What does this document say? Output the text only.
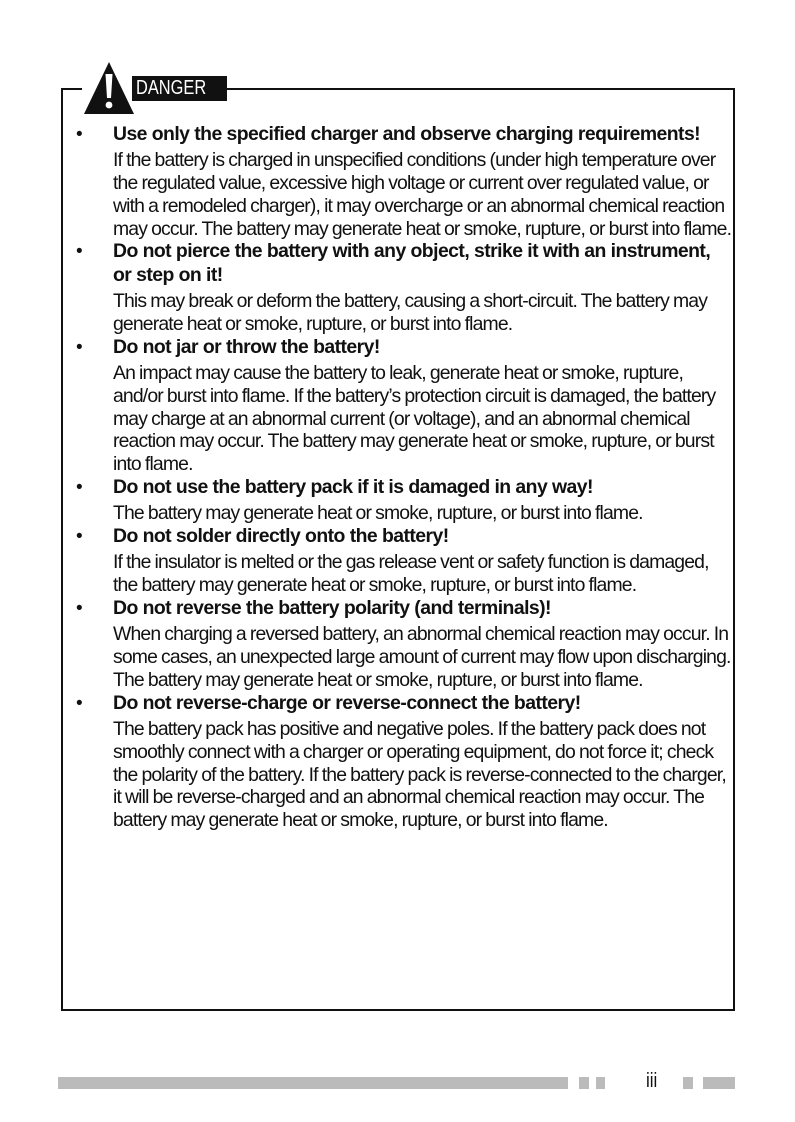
DANGER
• Use only the specified charger and observe charging requirements!

If the battery is charged in unspecified conditions (under high temperature over the regulated value, excessive high voltage or current over regulated value, or with a remodeled charger), it may overcharge or an abnormal chemical reaction may occur. The battery may generate heat or smoke, rupture, or burst into flame.

• Do not pierce the battery with any object, strike it with an instrument, or step on it!

This may break or deform the battery, causing a short-circuit. The battery may generate heat or smoke, rupture, or burst into flame.

• Do not jar or throw the battery!

An impact may cause the battery to leak, generate heat or smoke, rupture, and/or burst into flame. If the battery’s protection circuit is damaged, the battery may charge at an abnormal current (or voltage), and an abnormal chemical reaction may occur. The battery may generate heat or smoke, rupture, or burst into flame.

• Do not use the battery pack if it is damaged in any way!

The battery may generate heat or smoke, rupture, or burst into flame.

• Do not solder directly onto the battery!

If the insulator is melted or the gas release vent or safety function is damaged, the battery may generate heat or smoke, rupture, or burst into flame.

• Do not reverse the battery polarity (and terminals)!

When charging a reversed battery, an abnormal chemical reaction may occur. In some cases, an unexpected large amount of current may flow upon discharging. The battery may generate heat or smoke, rupture, or burst into flame.

• Do not reverse-charge or reverse-connect the battery!

The battery pack has positive and negative poles. If the battery pack does not smoothly connect with a charger or operating equipment, do not force it; check the polarity of the battery. If the battery pack is reverse-connected to the charger, it will be reverse-charged and an abnormal chemical reaction may occur. The battery may generate heat or smoke, rupture, or burst into flame.

iii
